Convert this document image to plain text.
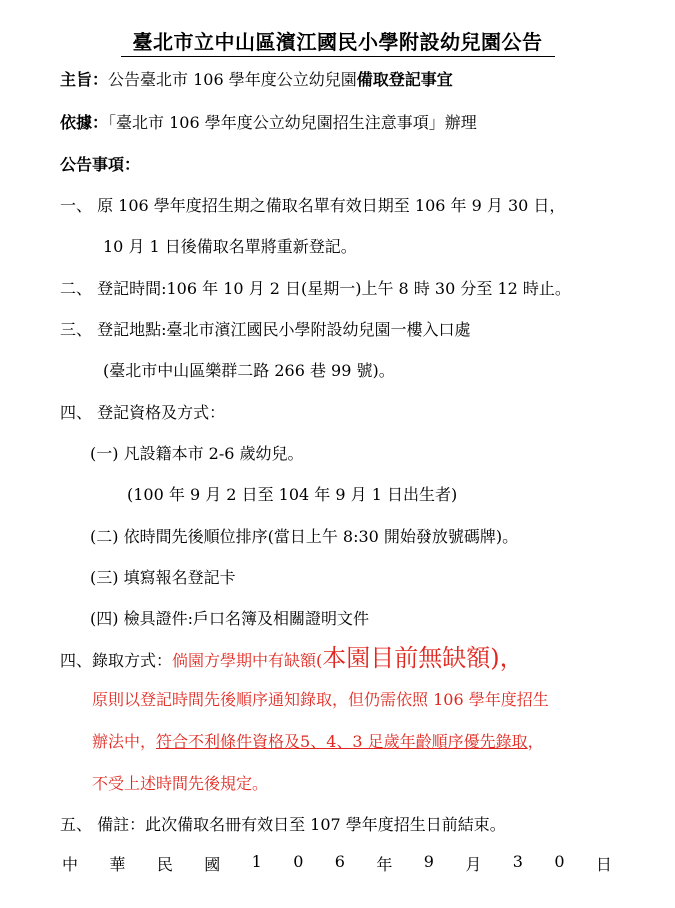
臺北市立中山區濱江國民小學附設幼兒園公告
主旨：公告臺北市 106 學年度公立幼兒園備取登記事宜
依據：「臺北市 106 學年度公立幼兒園招生注意事項」辦理
公告事項：
一、 原 106 學年度招生期之備取名單有效日期至 106 年 9 月 30 日，
10 月 1 日後備取名單將重新登記。
二、 登記時間:106 年 10 月 2 日(星期一)上午 8 時 30 分至 12 時止。
三、 登記地點:臺北市濱江國民小學附設幼兒園一樓入口處
(臺北市中山區樂群二路 266 巷 99 號)。
四、 登記資格及方式：
(一) 凡設籍本市 2-6 歲幼兒。
(100 年 9 月 2 日至 104 年 9 月 1 日出生者)
(二) 依時間先後順位排序(當日上午 8:30 開始發放號碼牌)。
(三) 填寫報名登記卡
(四) 檢具證件:戶口名簿及相關證明文件
四、錄取方式：倘園方學期中有缺額(本園目前無缺額)，
原則以登記時間先後順序通知錄取，但仍需依照 106 學年度招生
辦法中，符合不利條件資格及5、4、3 足歲年齡順序優先錄取，
不受上述時間先後規定。
五、 備註：此次備取名冊有效日至 107 學年度招生日前結束。
中 華 民 國 1 0 6 年 9 月 3 0 日
